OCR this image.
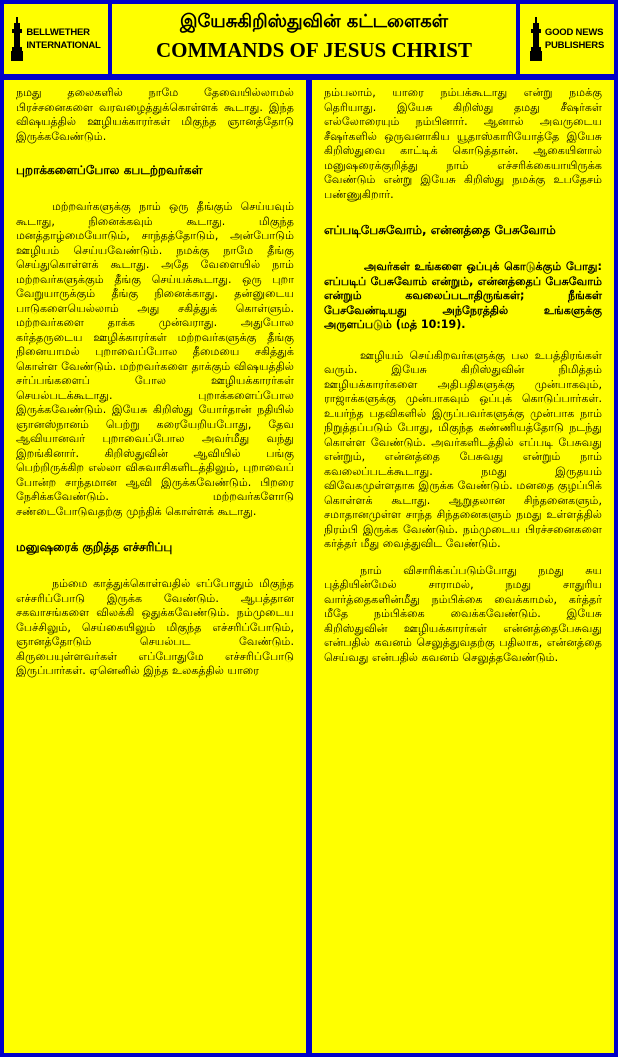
BELLWETHER
INTERNATIONAL
இயேசுகிறிஸ்துவின் கட்டளைகள்
COMMANDS OF JESUS CHRIST
GOOD NEWS
PUBLISHERS

நமது தலைகளில் நாமே தேவையில்லாமல் பிரச்சனைகளை வரவழைத்துக்கொள்ளக் கூடாது. இந்த விஷயத்தில் ஊழியக்காரர்கள் மிகுந்த ஞானத்தோடு இருக்கவேண்டும்.

புறாக்களைப்போல கபடற்றவர்கள்

மற்றவர்களுக்கு நாம் ஒரு தீங்கும் செய்யவும் கூடாது, நினைக்கவும் கூடாது. மிகுந்த மனத்தாழ்மையோடும், சாந்தத்தோடும், அன்போடும் ஊழியம் செய்யவேண்டும். நமக்கு நாமே தீங்கு செய்துகொள்ளக் கூடாது. அதே வேளையில் நாம் மற்றவர்களுக்கும் தீங்கு செய்யக்கூடாது. ஒரு புறா வேறுயாருக்கும் தீங்கு நினைக்காது. தன்னுடைய பாடுகளையெல்லாம் அது சகித்துக் கொள்ளும். மற்றவர்களை தாக்க முன்வராது. அதுபோல கர்த்தருடைய ஊழிக்காரர்கள் மற்றவர்களுக்கு தீங்கு நினையாமல் புறாவைப்போல தீமையை சகித்துக் கொள்ள வேண்டும். மற்றவர்களை தாக்கும் விஷயத்தில் சர்ப்பங்களைப் போல ஊழியக்காரர்கள் செயல்படக்கூடாது. புறாக்களைப்போல இருக்கவேண்டும். இயேசு கிறிஸ்து யோர்தான் நதியில் ஞானஸ்நானம் பெற்று கரையேறியபோது, தேவ ஆவியானவர் புறாவைப்போல அவர்மீது வந்து இறங்கினார். கிறிஸ்துவின் ஆவியில் பங்கு பெற்றிருக்கிற எல்லா விசுவாசிகளிடத்திலும், புறாவைப் போன்ற சாந்தமான ஆவி இருக்கவேண்டும். பிறரை நேசிக்கவேண்டும். மற்றவர்களோடு சண்டைபோடுவதற்கு முந்திக் கொள்ளக் கூடாது.

மனுஷரைக் குறித்த எச்சரிப்பு

நம்மை காத்துக்கொள்வதில் எப்போதும் மிகுந்த எச்சரிப்போடு இருக்க வேண்டும். ஆபத்தான சகவாசங்களை விலக்கி ஒதுக்கவேண்டும். நம்முடைய பேச்சிலும், செய்கையிலும் மிகுந்த எச்சரிப்போடும், ஞானத்தோடும் செயல்பட வேண்டும். கிருபையுள்ளவர்கள் எப்போதுமே எச்சரிப்போடு இருப்பார்கள். ஏனெனில் இந்த உலகத்தில் யாரை

நம்பலாம், யாரை நம்பக்கூடாது என்று நமக்கு தெரியாது. இயேசு கிறிஸ்து தமது சீஷர்கள் எல்லோரையும் நம்பினார். ஆனால் அவருடைய சீஷர்களில் ஒருவனாகிய யூதாஸ்காரியோத்தே இயேசு கிறிஸ்துவை காட்டிக் கொடுத்தான். ஆகையினால் மனுஷரைக்குறித்து நாம் எச்சரிக்கையாயிருக்க வேண்டும் என்று இயேசு கிறிஸ்து நமக்கு உபதேசம் பண்ணுகிறார்.

எப்படிபேசுவோம், என்னத்தை பேசுவோம்

அவர்கள் உங்களை ஒப்புக் கொடுக்கும் போது: எப்படிப் பேசுவோம் என்றும், என்னத்தைப் பேசுவோம் என்றும் கவலைப்படாதிருங்கள்; நீங்கள் பேசவேண்டியது அந்நேரத்தில் உங்களுக்கு அருளப்படும் (மத் 10:19).

ஊழியம் செய்கிறவர்களுக்கு பல உபத்திரங்கள் வரும். இயேசு கிறிஸ்துவின் நிமித்தம் ஊழியக்காரர்களை அதிபதிகளுக்கு முன்பாகவும், ராஜாக்களுக்கு முன்பாகவும் ஒப்புக் கொடுப்பார்கள். உயர்ந்த பதவிகளில் இருப்பவர்களுக்கு முன்பாக நாம் நிறுத்தப்படும் போது, மிகுந்த கண்ணியத்தோடு நடந்து கொள்ள வேண்டும். அவர்களிடத்தில் எப்படி பேசுவது என்றும், என்னத்தை பேசுவது என்றும் நாம் கவலைப்படக்கூடாது. நமது இருதயம் விவேகமுள்ளதாக இருக்க வேண்டும். மனதை குழப்பிக் கொள்ளக் கூடாது. ஆறுதலான சிந்தனைகளும், சமாதானமுள்ள சாந்த சிந்தனைகளும் நமது உள்ளத்தில் நிரம்பி இருக்க வேண்டும். நம்முடைய பிரச்சனைகளை கர்த்தர் மீது வைத்துவிட வேண்டும்.

நாம் விசாரிக்கப்படும்போது நமது சுய புத்தியின்மேல் சாராமல், நமது சாதுரிய வார்த்தைகளின்மீது நம்பிக்கை வைக்காமல், கர்த்தர் மீதே நம்பிக்கை வைக்கவேண்டும். இயேசு கிறிஸ்துவின் ஊழியக்காரர்கள் என்னத்தைபேசுவது என்பதில் கவனம் செலுத்துவதற்கு பதிலாக, என்னத்தை செய்வது என்பதில் கவனம் செலுத்தவேண்டும்.
